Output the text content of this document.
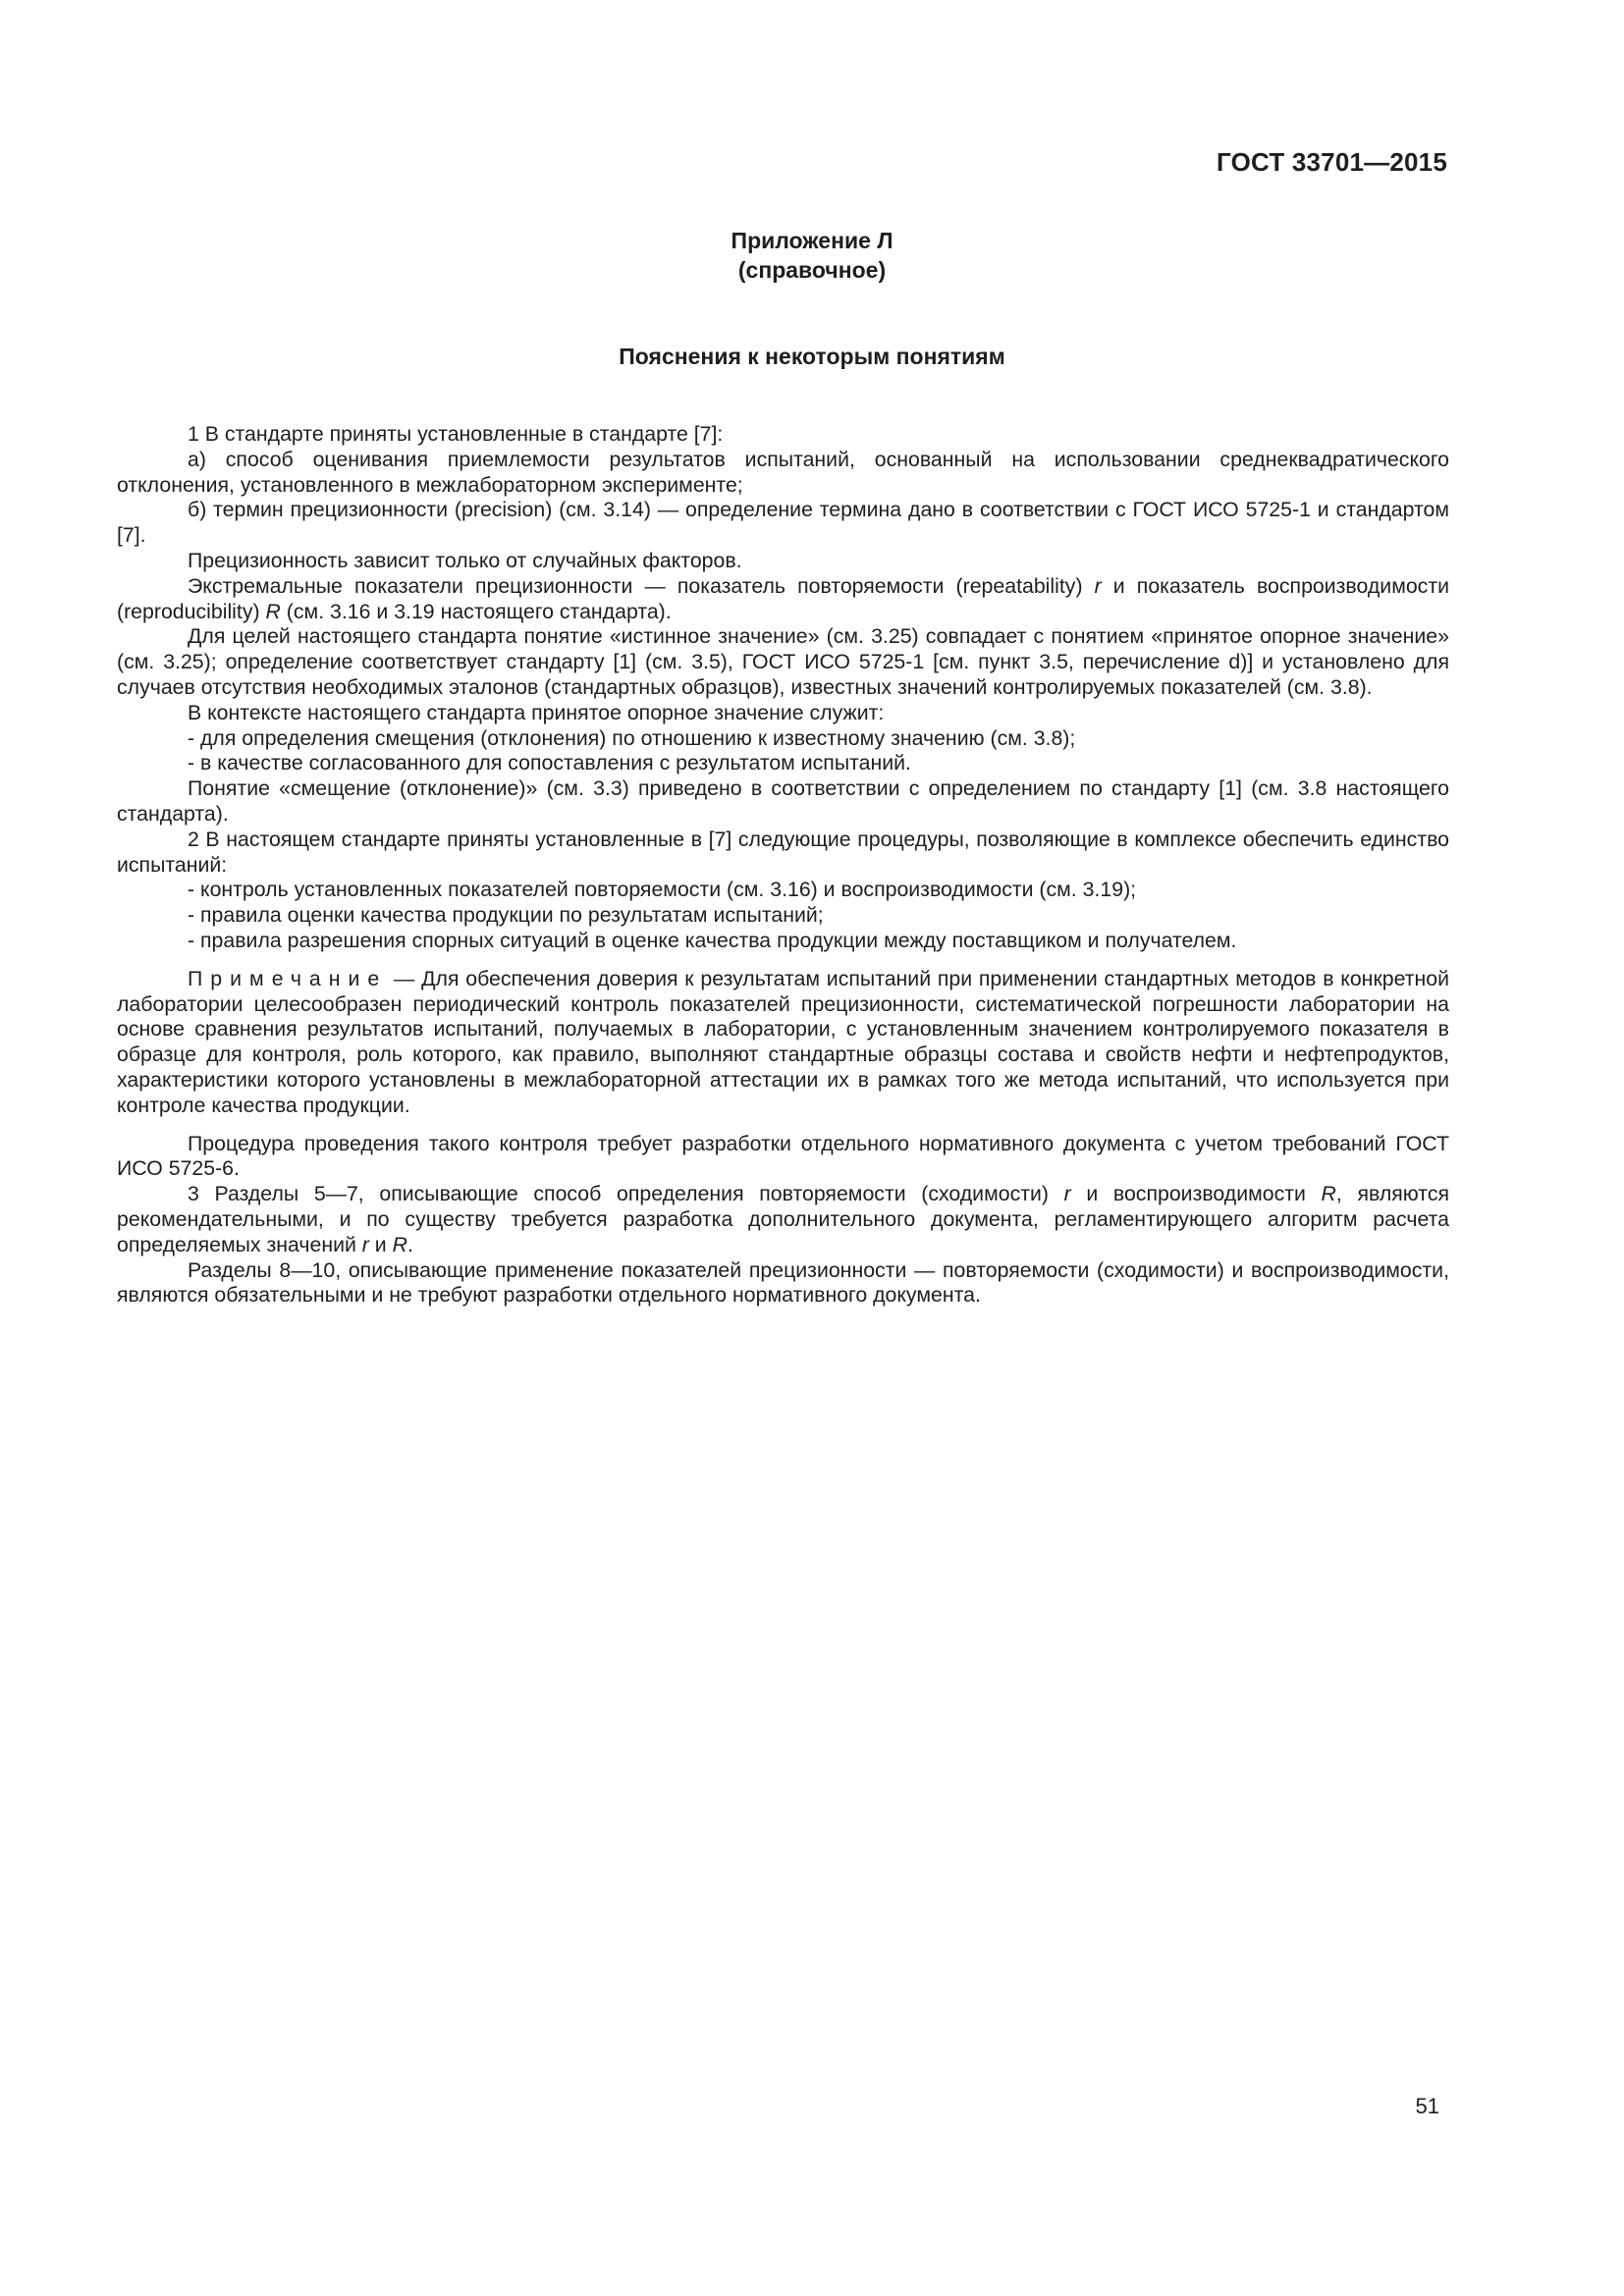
ГОСТ 33701—2015
Приложение Л
(справочное)
Пояснения к некоторым понятиям

1 В стандарте приняты установленные в стандарте [7]:

а) способ оценивания приемлемости результатов испытаний, основанный на использовании среднеквадратического отклонения, установленного в межлабораторном эксперименте;

б) термин прецизионности (precision) (см. 3.14) — определение термина дано в соответствии с ГОСТ ИСО 5725-1 и стандартом [7].

Прецизионность зависит только от случайных факторов.

Экстремальные показатели прецизионности — показатель повторяемости (repeatability) r и показатель воспроизводимости (reproducibility) R (см. 3.16 и 3.19 настоящего стандарта).

Для целей настоящего стандарта понятие «истинное значение» (см. 3.25) совпадает с понятием «принятое опорное значение» (см. 3.25); определение соответствует стандарту [1] (см. 3.5), ГОСТ ИСО 5725-1 [см. пункт 3.5, перечисление d)] и установлено для случаев отсутствия необходимых эталонов (стандартных образцов), известных значений контролируемых показателей (см. 3.8).

В контексте настоящего стандарта принятое опорное значение служит:

- для определения смещения (отклонения) по отношению к известному значению (см. 3.8);

- в качестве согласованного для сопоставления с результатом испытаний.

Понятие «смещение (отклонение)» (см. 3.3) приведено в соответствии с определением по стандарту [1] (см. 3.8 настоящего стандарта).

2 В настоящем стандарте приняты установленные в [7] следующие процедуры, позволяющие в комплексе обеспечить единство испытаний:

- контроль установленных показателей повторяемости (см. 3.16) и воспроизводимости (см. 3.19);

- правила оценки качества продукции по результатам испытаний;

- правила разрешения спорных ситуаций в оценке качества продукции между поставщиком и получателем.

Примечание — Для обеспечения доверия к результатам испытаний при применении стандартных методов в конкретной лаборатории целесообразен периодический контроль показателей прецизионности, систематической погрешности лаборатории на основе сравнения результатов испытаний, получаемых в лаборатории, с установленным значением контролируемого показателя в образце для контроля, роль которого, как правило, выполняют стандартные образцы состава и свойств нефти и нефтепродуктов, характеристики которого установлены в межлабораторной аттестации их в рамках того же метода испытаний, что используется при контроле качества продукции.

Процедура проведения такого контроля требует разработки отдельного нормативного документа с учетом требований ГОСТ ИСО 5725-6.

3 Разделы 5—7, описывающие способ определения повторяемости (сходимости) r и воспроизводимости R, являются рекомендательными, и по существу требуется разработка дополнительного документа, регламентирующего алгоритм расчета определяемых значений r и R.

Разделы 8—10, описывающие применение показателей прецизионности — повторяемости (сходимости) и воспроизводимости, являются обязательными и не требуют разработки отдельного нормативного документа.

51
